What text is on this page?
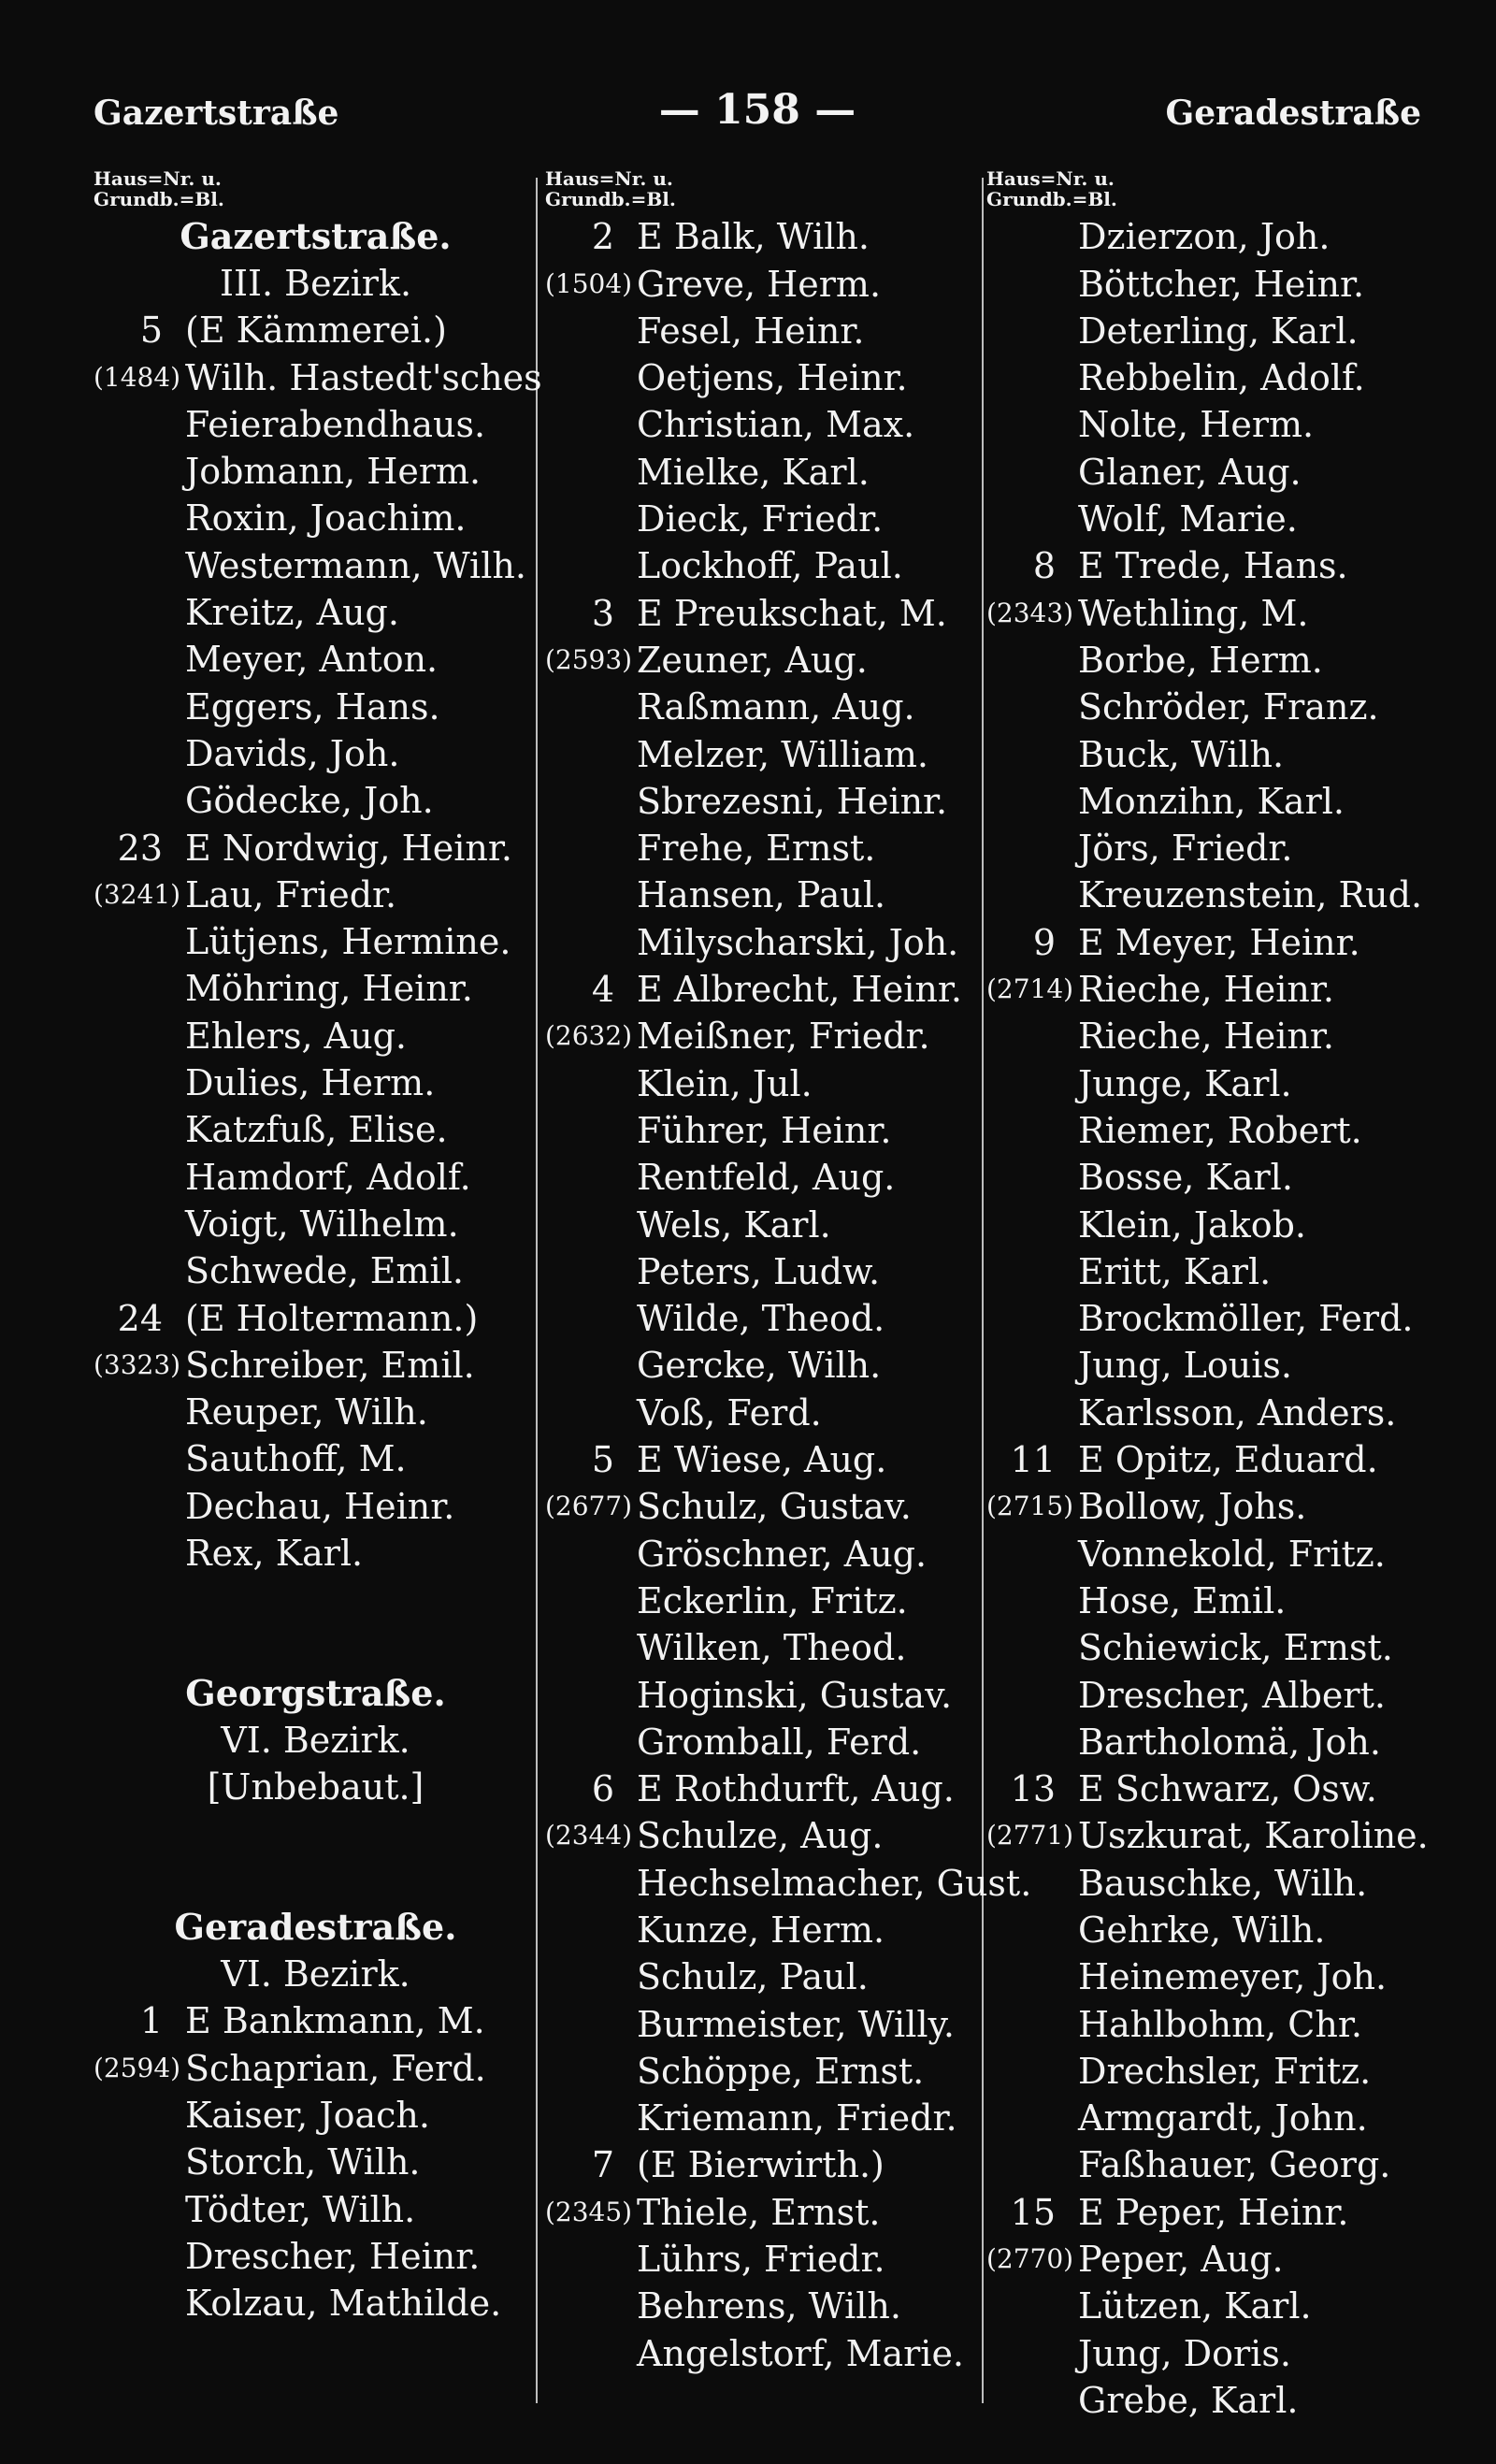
Gazertstraße	— 158 —	Geradestraße
Haus=Nr. u.
Grundb.=Bl.
Gazertstraße.
III. Bezirk.
5 (E Kämmerei.)
(1484) Wilh. Hastedt'sches
Feierabendhaus.
Jobmann, Herm.
Roxin, Joachim.
Westermann, Wilh.
Kreitz, Aug.
Meyer, Anton.
Eggers, Hans.
Davids, Joh.
Gödecke, Joh.
23 E Nordwig, Heinr.
(3241) Lau, Friedr.
Lütjens, Hermine.
Möhring, Heinr.
Ehlers, Aug.
Dulies, Herm.
Katzfuß, Elise.
Hamdorf, Adolf.
Voigt, Wilhelm.
Schwede, Emil.
24 (E Holtermann.)
(3323) Schreiber, Emil.
Reuper, Wilh.
Sauthoff, M.
Dechau, Heinr.
Rex, Karl.
Georgstraße.
VI. Bezirk.
[Unbebaut.]
Geradestraße.
VI. Bezirk.
1 E Bankmann, M.
(2594) Schaprian, Ferd.
Kaiser, Joach.
Storch, Wilh.
Tödter, Wilh.
Drescher, Heinr.
Kolzau, Mathilde.
Haus=Nr. u.
Grundb.=Bl.
2 E Balk, Wilh.
(1504) Greve, Herm.
Fesel, Heinr.
Oetjens, Heinr.
Christian, Max.
Mielke, Karl.
Dieck, Friedr.
Lockhoff, Paul.
3 E Preukschat, M.
(2593) Zeuner, Aug.
Raßmann, Aug.
Melzer, William.
Sbrezesni, Heinr.
Frehe, Ernst.
Hansen, Paul.
Milyscharski, Joh.
4 E Albrecht, Heinr.
(2632) Meißner, Friedr.
Klein, Jul.
Führer, Heinr.
Rentfeld, Aug.
Wels, Karl.
Peters, Ludw.
Wilde, Theod.
Gercke, Wilh.
Voß, Ferd.
5 E Wiese, Aug.
(2677) Schulz, Gustav.
Gröschner, Aug.
Eckerlin, Fritz.
Wilken, Theod.
Hoginski, Gustav.
Gromball, Ferd.
6 E Rothdurft, Aug.
(2344) Schulze, Aug.
Hechselmacher, Gust.
Kunze, Herm.
Schulz, Paul.
Burmeister, Willy.
Schöppe, Ernst.
Kriemann, Friedr.
7 (E Bierwirth.)
(2345) Thiele, Ernst.
Lührs, Friedr.
Behrens, Wilh.
Angelstorf, Marie.
Haus=Nr. u.
Grundb.=Bl.
Dzierzon, Joh.
Böttcher, Heinr.
Deterling, Karl.
Rebbelin, Adolf.
Nolte, Herm.
Glaner, Aug.
Wolf, Marie.
8 E Trede, Hans.
(2343) Wethling, M.
Borbe, Herm.
Schröder, Franz.
Buck, Wilh.
Monzihn, Karl.
Jörs, Friedr.
Kreuzenstein, Rud.
9 E Meyer, Heinr.
(2714) Rieche, Heinr.
Rieche, Heinr.
Junge, Karl.
Riemer, Robert.
Bosse, Karl.
Klein, Jakob.
Eritt, Karl.
Brockmöller, Ferd.
Jung, Louis.
Karlsson, Anders.
11 E Opitz, Eduard.
(2715) Bollow, Johs.
Vonnekold, Fritz.
Hose, Emil.
Schiewick, Ernst.
Drescher, Albert.
Bartholomä, Joh.
13 E Schwarz, Osw.
(2771) Uszkurat, Karoline.
Bauschke, Wilh.
Gehrke, Wilh.
Heinemeyer, Joh.
Hahlbohm, Chr.
Drechsler, Fritz.
Armgardt, John.
Faßhauer, Georg.
15 E Peper, Heinr.
(2770) Peper, Aug.
Lützen, Karl.
Jung, Doris.
Grebe, Karl.
